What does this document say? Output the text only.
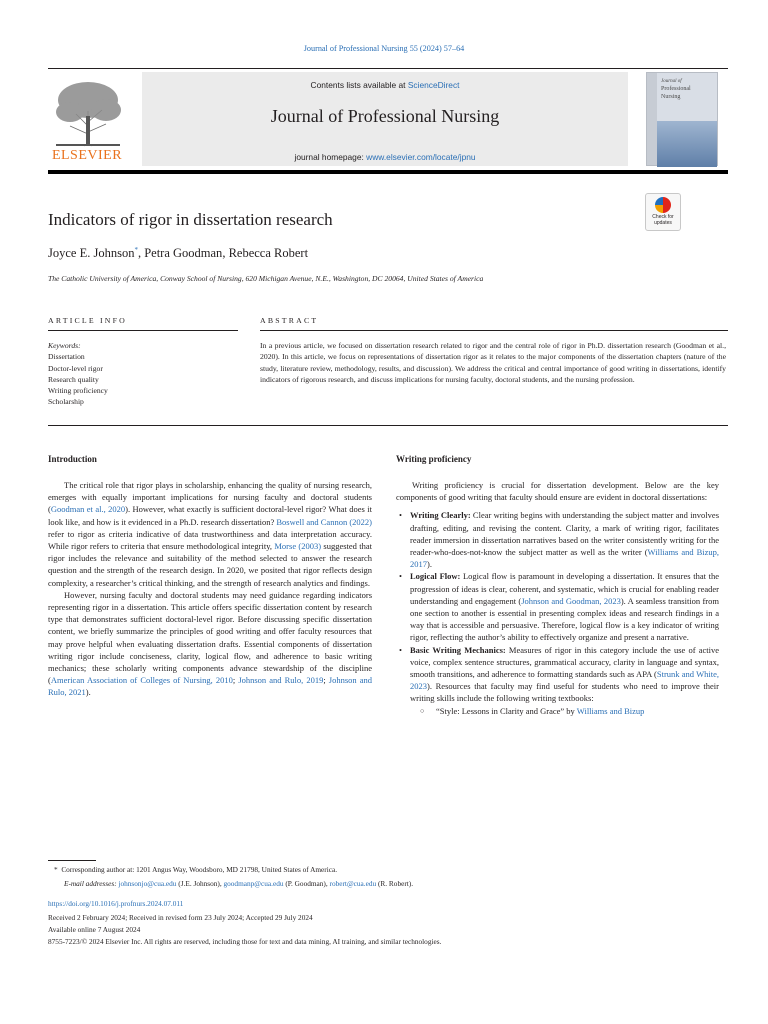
Journal of Professional Nursing 55 (2024) 57–64
ELSEVIER
Contents lists available at ScienceDirect
Journal of Professional Nursing
journal homepage: www.elsevier.com/locate/jpnu
Journal of
Professional
Nursing
Check for
updates
Indicators of rigor in dissertation research
Joyce E. Johnson*, Petra Goodman, Rebecca Robert
The Catholic University of America, Conway School of Nursing, 620 Michigan Avenue, N.E., Washington, DC 20064, United States of America
ARTICLE INFO	ABSTRACT
Keywords:
Dissertation
Doctor-level rigor
Research quality
Writing proficiency
Scholarship
In a previous article, we focused on dissertation research related to rigor and the central role of rigor in Ph.D. dissertation research (Goodman et al., 2020). In this article, we focus on representations of dissertation rigor as it relates to the major components of the dissertation chapters (nature of the study, literature review, methodology, results, and discussion). We address the critical and central importance of good writing in dissertations, identify indicators of rigorous research, and discuss implications for nursing faculty, doctoral students, and the nursing profession.
Introduction

The critical role that rigor plays in scholarship, enhancing the quality of nursing research, emerges with equally important implications for nursing faculty and doctoral students (Goodman et al., 2020). However, what exactly is sufficient doctoral-level rigor? What does it look like, and how is it evidenced in a Ph.D. research dissertation? Boswell and Cannon (2022) refer to rigor as criteria indicative of data trustworthiness and data interpretation accuracy. While rigor refers to criteria that ensure methodological integrity, Morse (2003) suggested that rigor includes the relevance and suitability of the method selected to answer the research question and the strength of the research design. In 2020, we posited that rigor reflects design complexity, a researcher’s critical thinking, and the strength of research analytics and findings.

However, nursing faculty and doctoral students may need guidance regarding indicators representing rigor in a dissertation. This article offers specific dissertation content by research type that demonstrates sufficient doctoral-level rigor. Before discussing specific dissertation content, we briefly summarize the principles of good writing and offer faculty resources that may prove helpful when evaluating dissertation drafts. Essential components of dissertation writing rigor include conciseness, clarity, logical flow, and adherence to basic writing mechanics; these scholarly writing components advance stewardship of the discipline (American Association of Colleges of Nursing, 2010; Johnson and Rulo, 2019; Johnson and Rulo, 2021).

Writing proficiency

Writing proficiency is crucial for dissertation development. Below are the key components of good writing that faculty should ensure are evident in doctoral dissertations:

• Writing Clearly: Clear writing begins with understanding the subject matter and involves drafting, editing, and revising the content. Clarity, a mark of writing rigor, facilitates reader immersion in dissertation narratives based on the writer consistently writing for the reader-who-does-not-know the subject matter as well as the writer (Williams and Bizup, 2017).
• Logical Flow: Logical flow is paramount in developing a dissertation. It ensures that the progression of ideas is clear, coherent, and systematic, which is crucial for enabling reader understanding and engagement (Johnson and Goodman, 2023). A seamless transition from one section to another is essential in presenting complex ideas and research findings in a way that is accessible and persuasive. Therefore, logical flow is a key indicator of writing rigor, reflecting the author’s ability to effectively organize and present a narrative.
• Basic Writing Mechanics: Measures of rigor in this category include the use of active voice, complex sentence structures, grammatical accuracy, clarity in language and syntax, smooth transitions, and adherence to formatting standards such as APA (Strunk and White, 2023). Resources that faculty may find useful for students who need to improve their writing skills include the following writing textbooks:
○ “Style: Lessons in Clarity and Grace” by Williams and Bizup
* Corresponding author at: 1201 Angus Way, Woodsboro, MD 21798, United States of America.
E-mail addresses: johnsonjo@cua.edu (J.E. Johnson), goodmanp@cua.edu (P. Goodman), robert@cua.edu (R. Robert).
https://doi.org/10.1016/j.profnurs.2024.07.011
Received 2 February 2024; Received in revised form 23 July 2024; Accepted 29 July 2024
Available online 7 August 2024
8755-7223/© 2024 Elsevier Inc. All rights are reserved, including those for text and data mining, AI training, and similar technologies.
